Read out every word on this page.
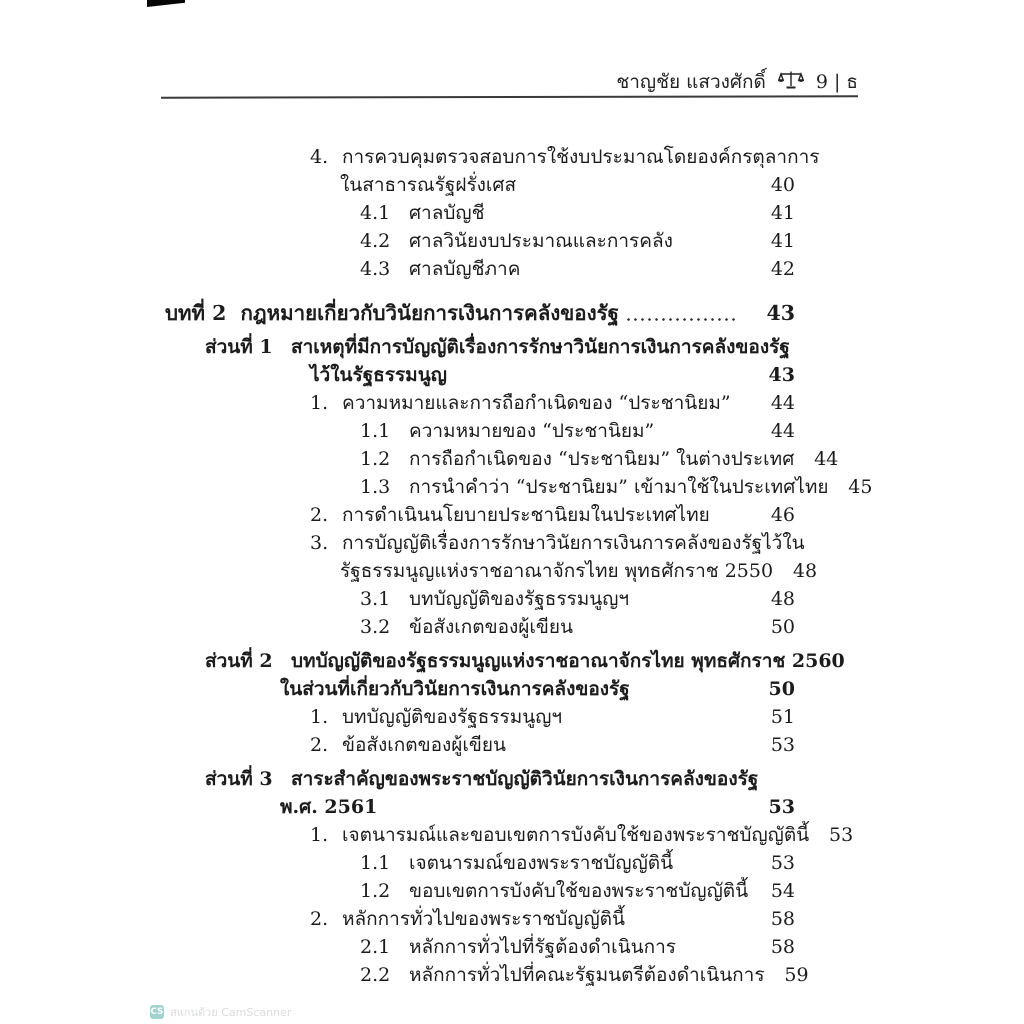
ชาญชัย แสวงศักดิ์	9 | ธ
4. การควบคุมตรวจสอบการใช้งบประมาณโดยองค์กรตุลาการ
ในสาธารณรัฐฝรั่งเศส	40
4.1 ศาลบัญชี	41
4.2 ศาลวินัยงบประมาณและการคลัง	41
4.3 ศาลบัญชีภาค	42
บทที่ 2 กฎหมายเกี่ยวกับวินัยการเงินการคลังของรัฐ	43
ส่วนที่ 1 สาเหตุที่มีการบัญญัติเรื่องการรักษาวินัยการเงินการคลังของรัฐ
ไว้ในรัฐธรรมนูญ	43
1. ความหมายและการถือกำเนิดของ “ประชานิยม”	44
1.1 ความหมายของ “ประชานิยม”	44
1.2 การถือกำเนิดของ “ประชานิยม” ในต่างประเทศ	44
1.3 การนำคำว่า “ประชานิยม” เข้ามาใช้ในประเทศไทย	45
2. การดำเนินนโยบายประชานิยมในประเทศไทย	46
3. การบัญญัติเรื่องการรักษาวินัยการเงินการคลังของรัฐไว้ใน
รัฐธรรมนูญแห่งราชอาณาจักรไทย พุทธศักราช 2550	48
3.1 บทบัญญัติของรัฐธรรมนูญฯ	48
3.2 ข้อสังเกตของผู้เขียน	50
ส่วนที่ 2 บทบัญญัติของรัฐธรรมนูญแห่งราชอาณาจักรไทย พุทธศักราช 2560
ในส่วนที่เกี่ยวกับวินัยการเงินการคลังของรัฐ	50
1. บทบัญญัติของรัฐธรรมนูญฯ	51
2. ข้อสังเกตของผู้เขียน	53
ส่วนที่ 3 สาระสำคัญของพระราชบัญญัติวินัยการเงินการคลังของรัฐ
พ.ศ. 2561	53
1. เจตนารมณ์และขอบเขตการบังคับใช้ของพระราชบัญญัตินี้	53
1.1 เจตนารมณ์ของพระราชบัญญัตินี้	53
1.2 ขอบเขตการบังคับใช้ของพระราชบัญญัตินี้	54
2. หลักการทั่วไปของพระราชบัญญัตินี้	58
2.1 หลักการทั่วไปที่รัฐต้องดำเนินการ	58
2.2 หลักการทั่วไปที่คณะรัฐมนตรีต้องดำเนินการ	59
CS สแกนด้วย CamScanner
